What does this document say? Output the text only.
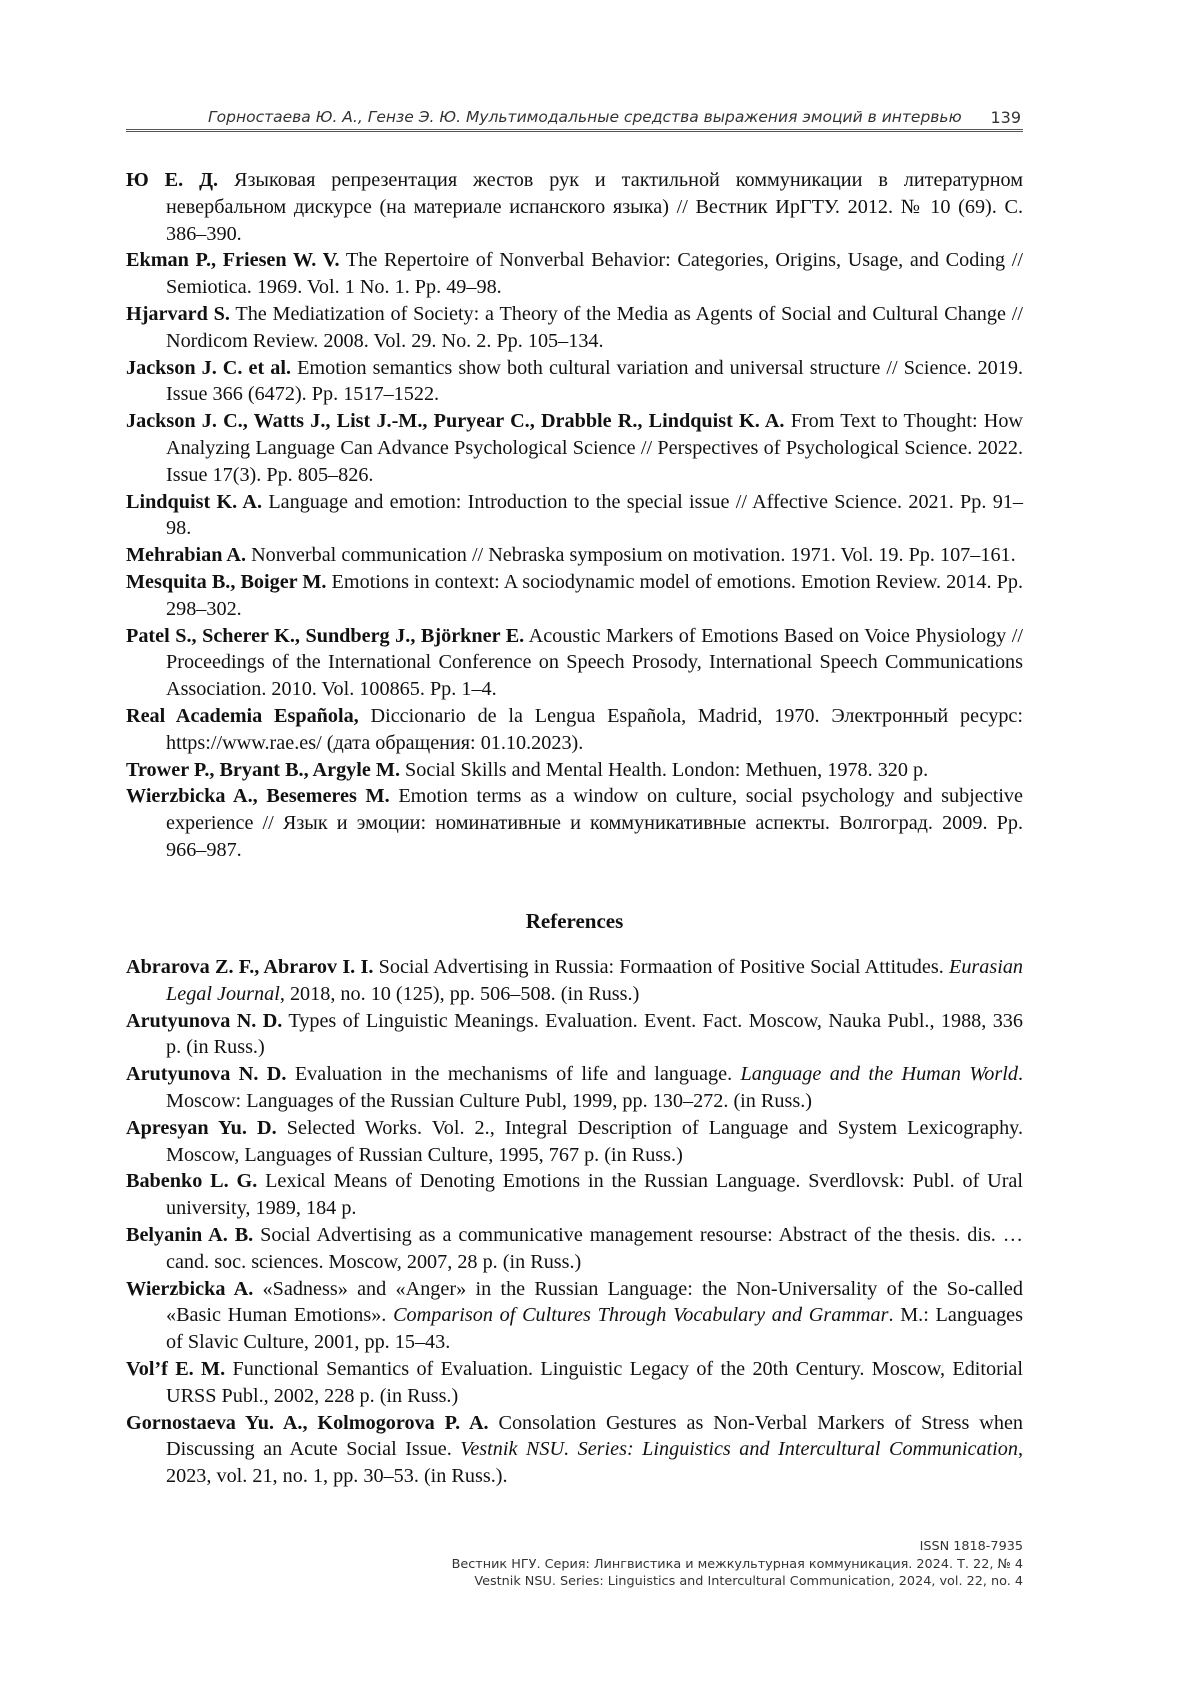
Горностаева Ю. А., Гензе Э. Ю. Мультимодальные средства выражения эмоций в интервью 139
Ю Е. Д. Языковая репрезентация жестов рук и тактильной коммуникации в литературном невербальном дискурсе (на материале испанского языка) // Вестник ИрГТУ. 2012. № 10 (69). С. 386–390.
Ekman P., Friesen W. V. The Repertoire of Nonverbal Behavior: Categories, Origins, Usage, and Coding // Semiotica. 1969. Vol. 1 No. 1. Pp. 49–98.
Hjarvard S. The Mediatization of Society: a Theory of the Media as Agents of Social and Cultural Change // Nordicom Review. 2008. Vol. 29. No. 2. Pp. 105–134.
Jackson J. C. et al. Emotion semantics show both cultural variation and universal structure // Science. 2019. Issue 366 (6472). Pp. 1517–1522.
Jackson J. C., Watts J., List J.-M., Puryear C., Drabble R., Lindquist K. A. From Text to Thought: How Analyzing Language Can Advance Psychological Science // Perspectives of Psychological Science. 2022. Issue 17(3). Pp. 805–826.
Lindquist K. A. Language and emotion: Introduction to the special issue // Affective Science. 2021. Pp. 91–98.
Mehrabian A. Nonverbal communication // Nebraska symposium on motivation. 1971. Vol. 19. Pp. 107–161.
Mesquita B., Boiger M. Emotions in context: A sociodynamic model of emotions. Emotion Review. 2014. Pp. 298–302.
Patel S., Scherer K., Sundberg J., Björkner E. Acoustic Markers of Emotions Based on Voice Physiology // Proceedings of the International Conference on Speech Prosody, International Speech Communications Association. 2010. Vol. 100865. Pp. 1–4.
Real Academia Española, Diccionario de la Lengua Española, Madrid, 1970. Электронный ресурс: https://www.rae.es/ (дата обращения: 01.10.2023).
Trower P., Bryant B., Argyle M. Social Skills and Mental Health. London: Methuen, 1978. 320 p.
Wierzbicka A., Besemeres M. Emotion terms as a window on culture, social psychology and subjective experience // Язык и эмоции: номинативные и коммуникативные аспекты. Волгоград. 2009. Pp. 966–987.
References
Abrarova Z. F., Abrarov I. I. Social Advertising in Russia: Formaation of Positive Social Attitudes. Eurasian Legal Journal, 2018, no. 10 (125), pp. 506–508. (in Russ.)
Arutyunova N. D. Types of Linguistic Meanings. Evaluation. Event. Fact. Moscow, Nauka Publ., 1988, 336 p. (in Russ.)
Arutyunova N. D. Evaluation in the mechanisms of life and language. Language and the Human World. Moscow: Languages of the Russian Culture Publ, 1999, pp. 130–272. (in Russ.)
Apresyan Yu. D. Selected Works. Vol. 2., Integral Description of Language and System Lexicography. Moscow, Languages of Russian Culture, 1995, 767 p. (in Russ.)
Babenko L. G. Lexical Means of Denoting Emotions in the Russian Language. Sverdlovsk: Publ. of Ural university, 1989, 184 p.
Belyanin A. B. Social Advertising as a communicative management resourse: Abstract of the thesis. dis. … cand. soc. sciences. Moscow, 2007, 28 p. (in Russ.)
Wierzbicka A. «Sadness» and «Anger» in the Russian Language: the Non-Universality of the So-called «Basic Human Emotions». Comparison of Cultures Through Vocabulary and Grammar. M.: Languages of Slavic Culture, 2001, pp. 15–43.
Vol’f E. M. Functional Semantics of Evaluation. Linguistic Legacy of the 20th Century. Moscow, Editorial URSS Publ., 2002, 228 p. (in Russ.)
Gornostaeva Yu. A., Kolmogorova P. A. Consolation Gestures as Non-Verbal Markers of Stress when Discussing an Acute Social Issue. Vestnik NSU. Series: Linguistics and Intercultural Communication, 2023, vol. 21, no. 1, pp. 30–53. (in Russ.).
ISSN 1818-7935
Вестник НГУ. Серия: Лингвистика и межкультурная коммуникация. 2024. Т. 22, № 4
Vestnik NSU. Series: Linguistics and Intercultural Communication, 2024, vol. 22, no. 4
